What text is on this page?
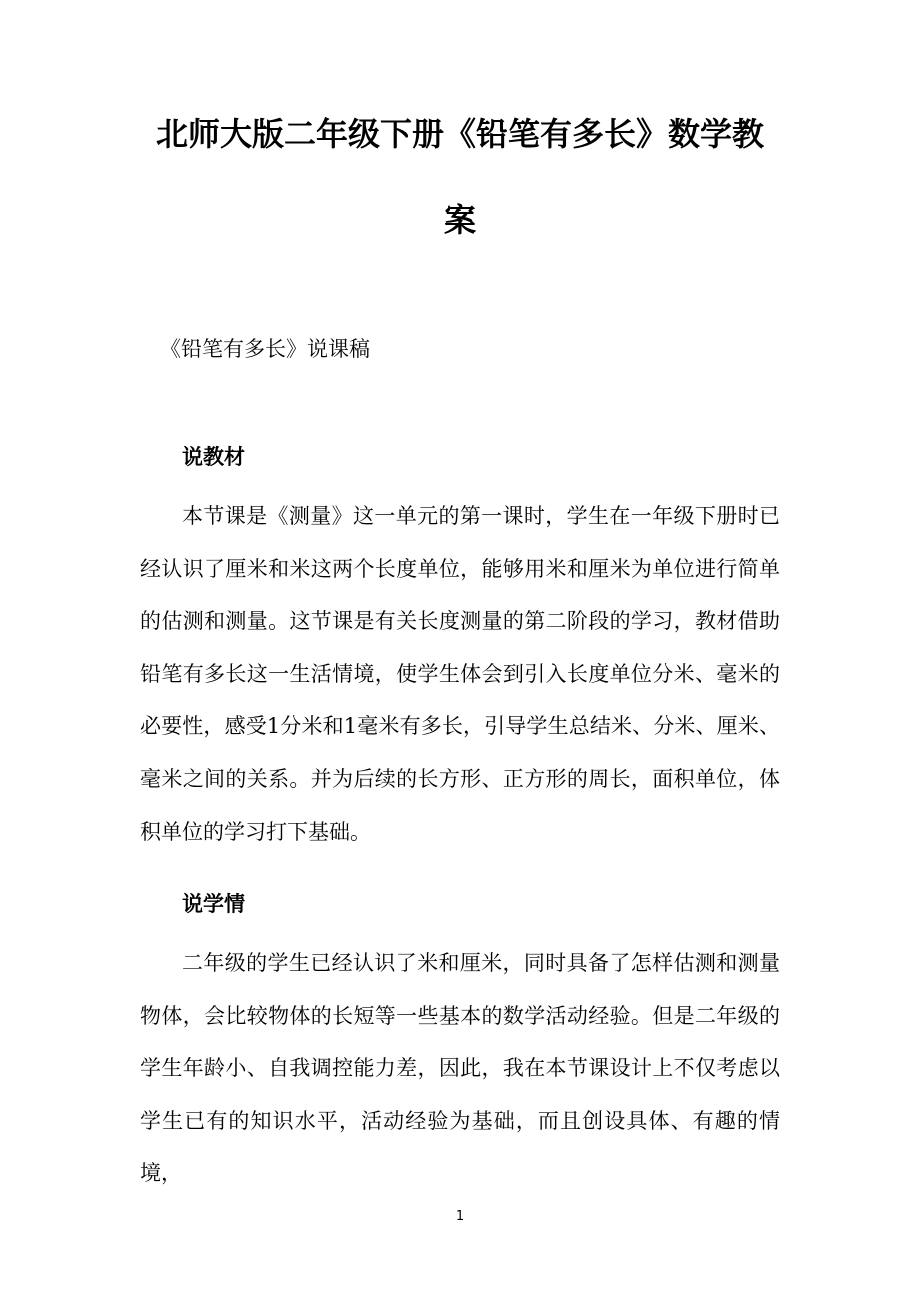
北师大版二年级下册《铅笔有多长》数学教
案

《铅笔有多长》说课稿

说教材

本节课是《测量》这一单元的第一课时，学生在一年级下册时已经认识了厘米和米这两个长度单位，能够用米和厘米为单位进行简单的估测和测量。这节课是有关长度测量的第二阶段的学习，教材借助铅笔有多长这一生活情境，使学生体会到引入长度单位分米、毫米的必要性，感受1分米和1毫米有多长，引导学生总结米、分米、厘米、毫米之间的关系。并为后续的长方形、正方形的周长，面积单位，体积单位的学习打下基础。

说学情

二年级的学生已经认识了米和厘米，同时具备了怎样估测和测量物体，会比较物体的长短等一些基本的数学活动经验。但是二年级的学生年龄小、自我调控能力差，因此，我在本节课设计上不仅考虑以学生已有的知识水平，活动经验为基础，而且创设具体、有趣的情境，

1
